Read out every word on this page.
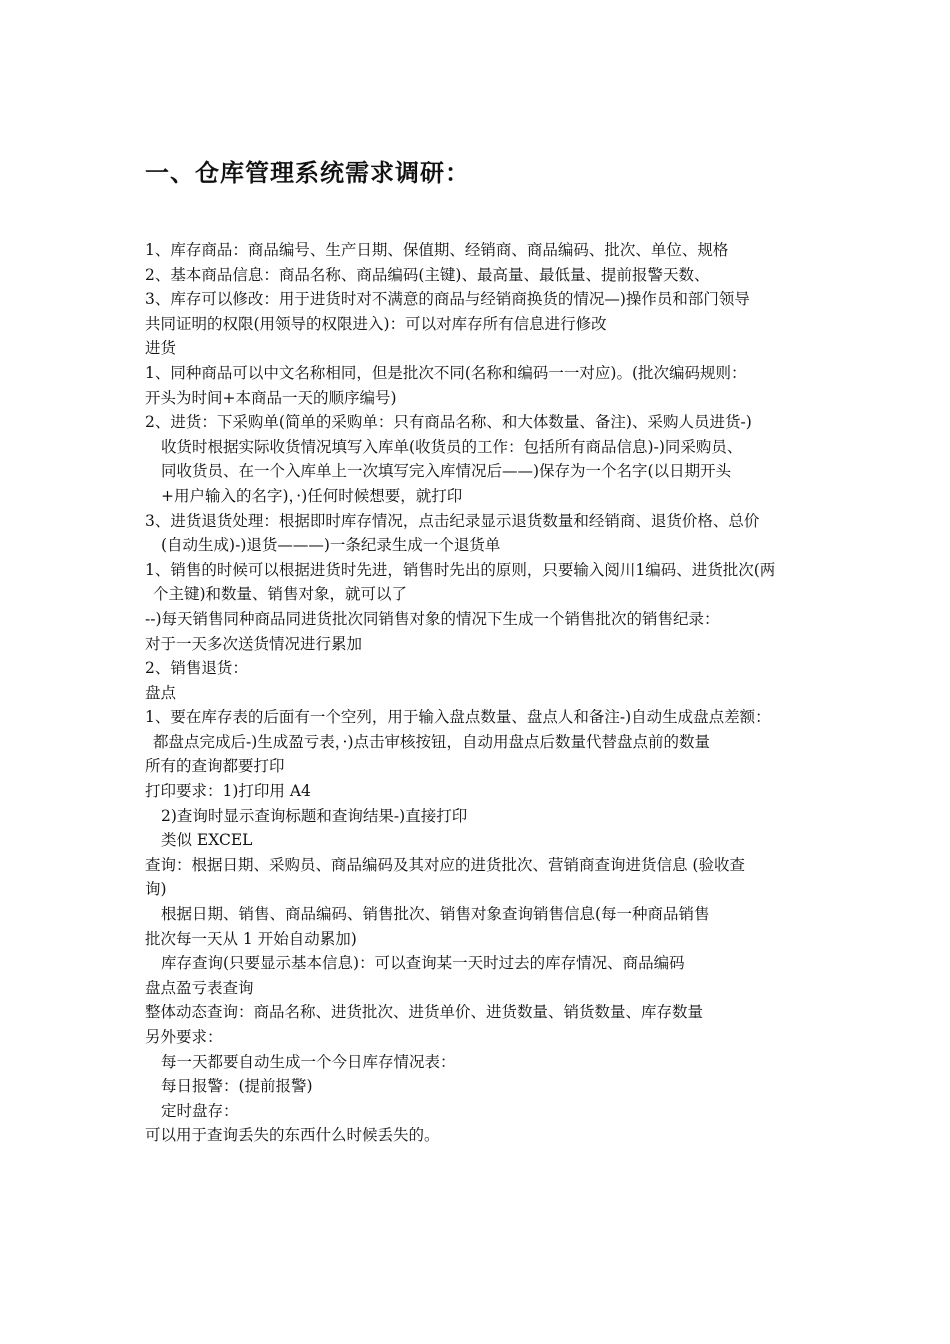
一、仓库管理系统需求调研：
1、库存商品：商品编号、生产日期、保值期、经销商、商品编码、批次、单位、规格
2、基本商品信息：商品名称、商品编码(主键)、最高量、最低量、提前报警天数、
3、库存可以修改：用于进货时对不满意的商品与经销商换货的情况—)操作员和部门领导
共同证明的权限(用领导的权限进入)：可以对库存所有信息进行修改
进货
1、同种商品可以中文名称相同，但是批次不同(名称和编码一一对应)。(批次编码规则：
开头为时间+本商品一天的顺序编号)
2、进货：下采购单(简单的采购单：只有商品名称、和大体数量、备注)、采购人员进货-)
收货时根据实际收货情况填写入库单(收货员的工作：包括所有商品信息)-)同采购员、
同收货员、在一个入库单上一次填写完入库情况后——)保存为一个名字(以日期开头
+用户输入的名字)，·)任何时候想要，就打印
3、进货退货处理：根据即时库存情况，点击纪录显示退货数量和经销商、退货价格、总价
(自动生成)-)退货———)一条纪录生成一个退货单
1、销售的时候可以根据进货时先进，销售时先出的原则，只要输入阅川1编码、进货批次(两
个主键)和数量、销售对象，就可以了
--)每天销售同种商品同进货批次同销售对象的情况下生成一个销售批次的销售纪录：
对于一天多次送货情况进行累加
2、销售退货：
盘点
1、要在库存表的后面有一个空列，用于输入盘点数量、盘点人和备注-)自动生成盘点差额：
都盘点完成后-)生成盈亏表，·)点击审核按钮，自动用盘点后数量代替盘点前的数量
所有的查询都要打印
打印要求：1)打印用 A4
2)查询时显示查询标题和查询结果-)直接打印
类似 EXCEL
查询：根据日期、采购员、商品编码及其对应的进货批次、营销商查询进货信息 (验收查
询)
根据日期、销售、商品编码、销售批次、销售对象查询销售信息(每一种商品销售
批次每一天从 1 开始自动累加)
库存查询(只要显示基本信息)：可以查询某一天时过去的库存情况、商品编码
盘点盈亏表查询
整体动态查询：商品名称、进货批次、进货单价、进货数量、销货数量、库存数量
另外要求：
每一天都要自动生成一个今日库存情况表：
每日报警：(提前报警)
定时盘存：
可以用于查询丢失的东西什么时候丢失的。
